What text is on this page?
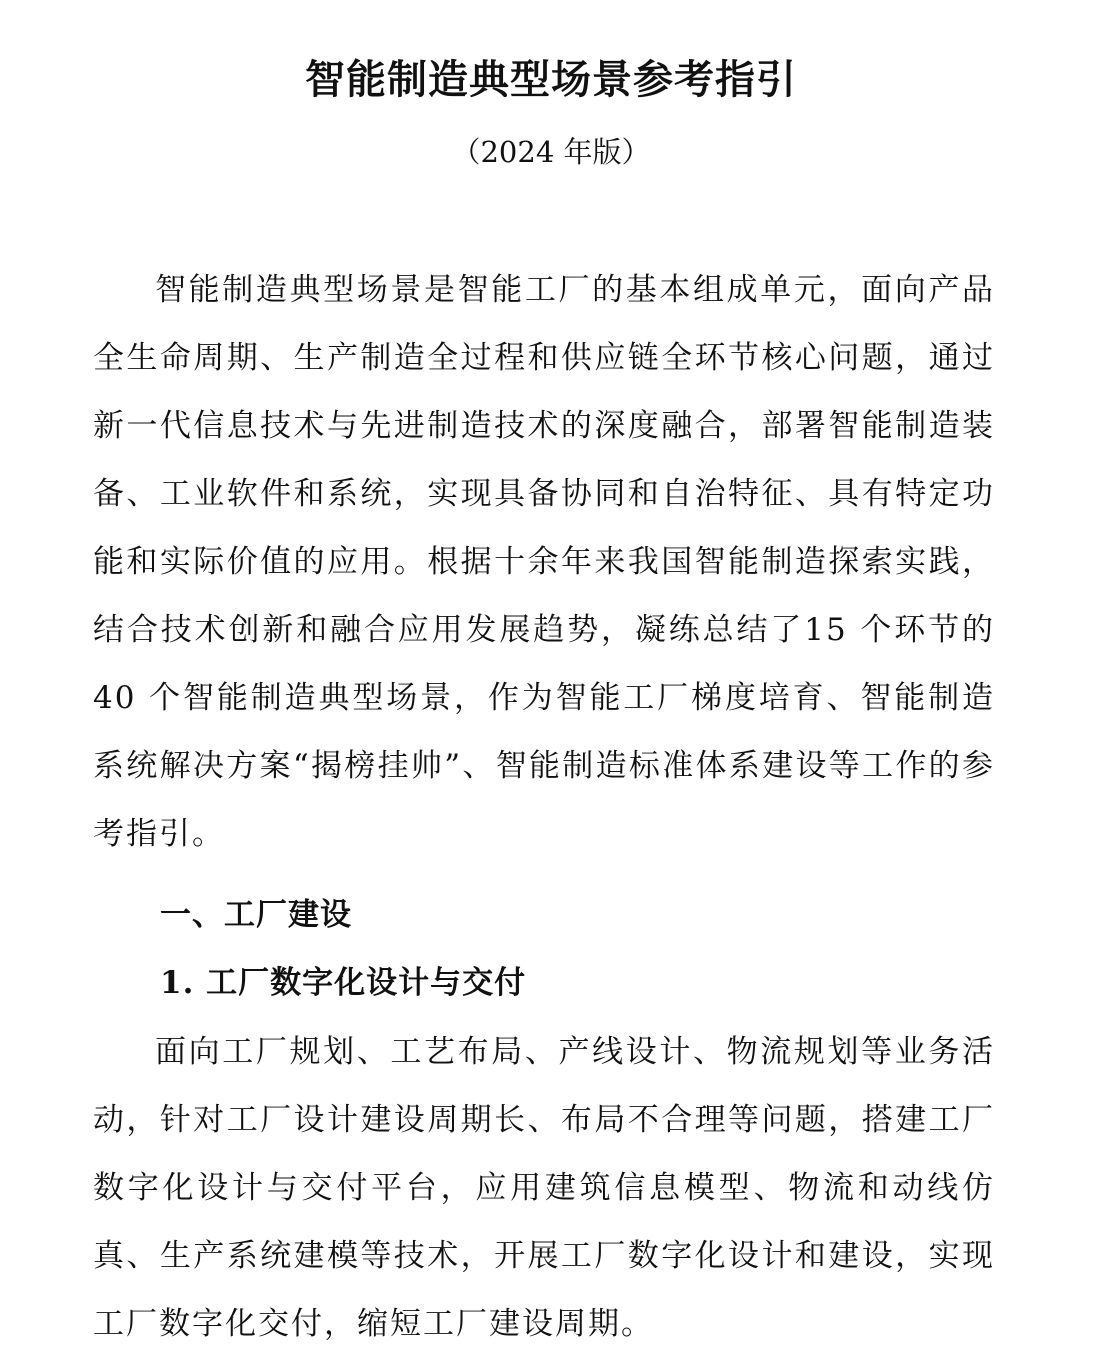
智能制造典型场景参考指引

（2024 年版）

智能制造典型场景是智能工厂的基本组成单元，面向产品全生命周期、生产制造全过程和供应链全环节核心问题，通过新一代信息技术与先进制造技术的深度融合，部署智能制造装备、工业软件和系统，实现具备协同和自治特征、具有特定功能和实际价值的应用。根据十余年来我国智能制造探索实践，结合技术创新和融合应用发展趋势，凝练总结了15 个环节的 40 个智能制造典型场景，作为智能工厂梯度培育、智能制造系统解决方案“揭榜挂帅”、智能制造标准体系建设等工作的参考指引。

一、工厂建设
1. 工厂数字化设计与交付

面向工厂规划、工艺布局、产线设计、物流规划等业务活动，针对工厂设计建设周期长、布局不合理等问题，搭建工厂数字化设计与交付平台，应用建筑信息模型、物流和动线仿真、生产系统建模等技术，开展工厂数字化设计和建设，实现工厂数字化交付，缩短工厂建设周期。
